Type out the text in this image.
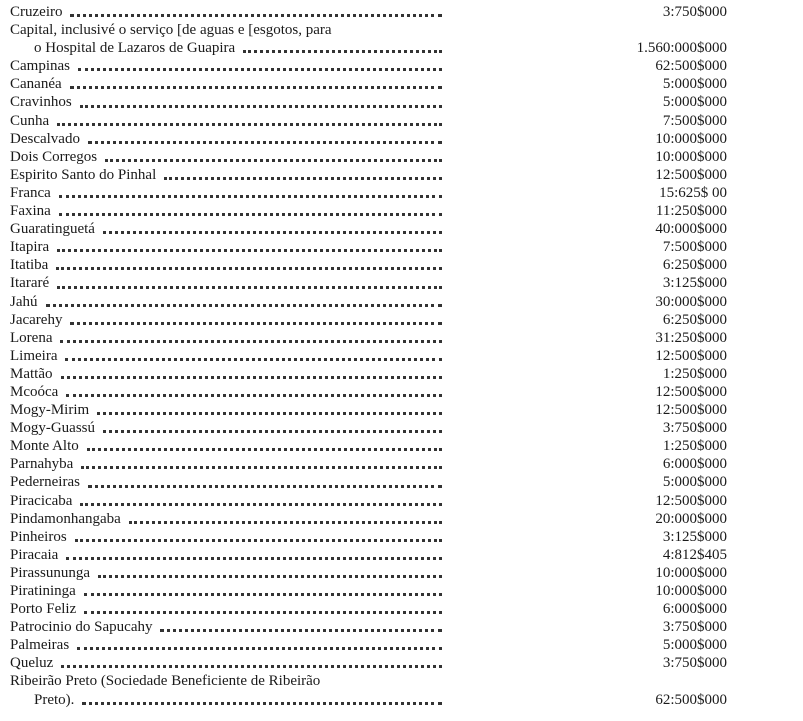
Cruzeiro	3:750$000
Capital, inclusivé o serviço [de aguas e [esgotos, para
o Hospital de Lazaros de Guapira	1.560:000$000
Campinas	62:500$000
Cananéa	5:000$000
Cravinhos	5:000$000
Cunha	7:500$000
Descalvado	10:000$000
Dois Corregos	10:000$000
Espirito Santo do Pinhal	12:500$000
Franca	15:625$ 00
Faxina	11:250$000
Guaratinguetá	40:000$000
Itapira	7:500$000
Itatiba	6:250$000
Itararé	3:125$000
Jahú	30:000$000
Jacarehy	6:250$000
Lorena	31:250$000
Limeira	12:500$000
Mattão	1:250$000
Mcoóca	12:500$000
Mogy-Mirim	12:500$000
Mogy-Guassú	3:750$000
Monte Alto	1:250$000
Parnahyba	6:000$000
Pederneiras	5:000$000
Piracicaba	12:500$000
Pindamonhangaba	20:000$000
Pinheiros	3:125$000
Piracaia	4:812$405
Pirassununga	10:000$000
Piratininga	10:000$000
Porto Feliz	6:000$000
Patrocinio do Sapucahy	3:750$000
Palmeiras	5:000$000
Queluz	3:750$000
Ribeirão Preto (Sociedade Beneficiente de Ribeirão
Preto).	62:500$000
